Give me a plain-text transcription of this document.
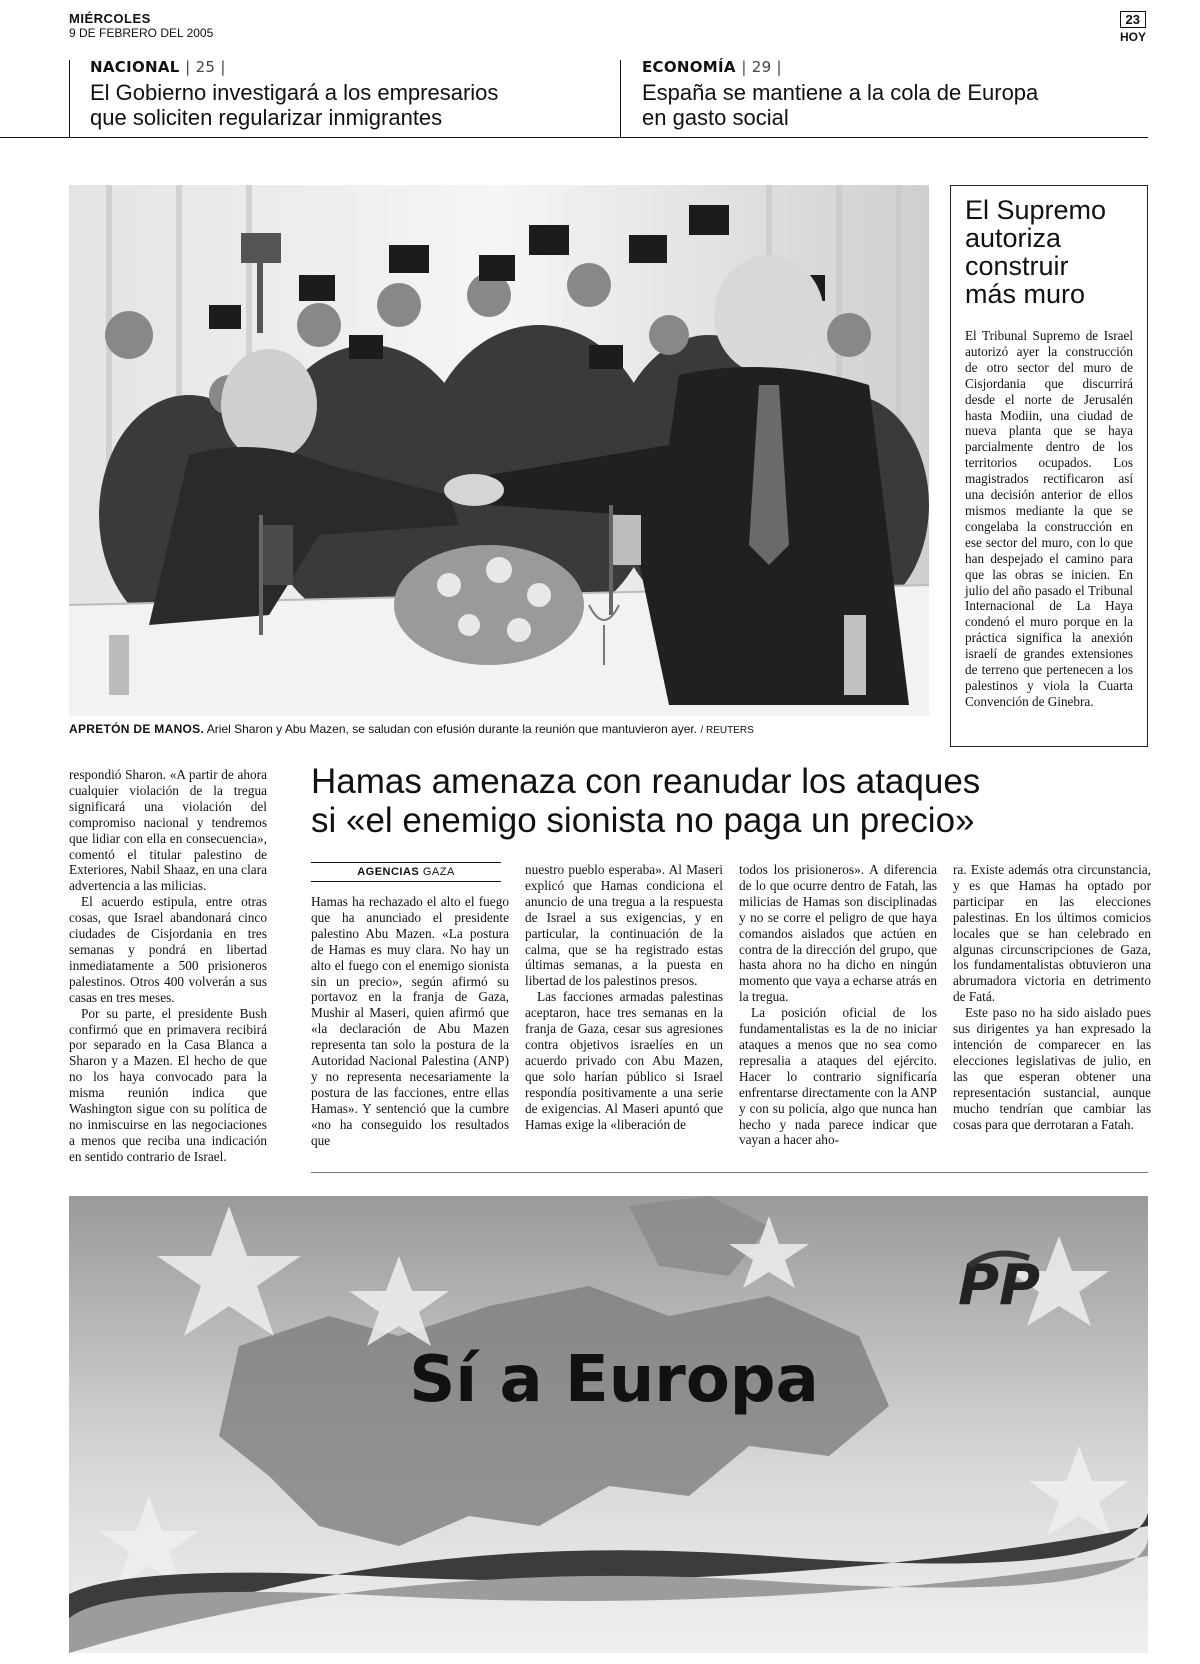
MIÉRCOLES
9 DE FEBRERO DEL 2005
23
HOY
NACIONAL | 25 |
El Gobierno investigará a los empresarios
que soliciten regularizar inmigrantes
ECONOMÍA | 29 |
España se mantiene a la cola de Europa
en gasto social
APRETÓN DE MANOS. Ariel Sharon y Abu Mazen, se saludan con efusión durante la reunión que mantuvieron ayer. / REUTERS
El Supremo
autoriza
construir
más muro
El Tribunal Supremo de Israel autorizó ayer la construcción de otro sector del muro de Cisjordania que discurrirá desde el norte de Jerusalén hasta Modiin, una ciudad de nueva planta que se haya parcialmente dentro de los territorios ocupados. Los magistrados rectificaron así una decisión anterior de ellos mismos mediante la que se congelaba la construcción en ese sector del muro, con lo que han despejado el camino para que las obras se inicien. En julio del año pasado el Tribunal Internacional de La Haya condenó el muro porque en la práctica significa la anexión israelí de grandes extensiones de terreno que pertenecen a los palestinos y viola la Cuarta Convención de Ginebra.

respondió Sharon. «A partir de ahora cualquier violación de la tregua significará una violación del compromiso nacional y tendremos que lidiar con ella en consecuencia», comentó el titular palestino de Exteriores, Nabil Shaaz, en una clara advertencia a las milicias.

El acuerdo estipula, entre otras cosas, que Israel abandonará cinco ciudades de Cisjordania en tres semanas y pondrá en libertad inmediatamente a 500 prisioneros palestinos. Otros 400 volverán a sus casas en tres meses.

Por su parte, el presidente Bush confirmó que en primavera recibirá por separado en la Casa Blanca a Sharon y a Mazen. El hecho de que no los haya convocado para la misma reunión indica que Washington sigue con su política de no inmiscuirse en las negociaciones a menos que reciba una indicación en sentido contrario de Israel.

Hamas amenaza con reanudar los ataques
si «el enemigo sionista no paga un precio»
AGENCIAS GAZA

Hamas ha rechazado el alto el fuego que ha anunciado el presidente palestino Abu Mazen. «La postura de Hamas es muy clara. No hay un alto el fuego con el enemigo sionista sin un precio», según afirmó su portavoz en la franja de Gaza, Mushir al Maseri, quien afirmó que «la declaración de Abu Mazen representa tan solo la postura de la Autoridad Nacional Palestina (ANP) y no representa necesariamente la postura de las facciones, entre ellas Hamas». Y sentenció que la cumbre «no ha conseguido los resultados que

nuestro pueblo esperaba». Al Maseri explicó que Hamas condiciona el anuncio de una tregua a la respuesta de Israel a sus exigencias, y en particular, la continuación de la calma, que se ha registrado estas últimas semanas, a la puesta en libertad de los palestinos presos.

Las facciones armadas palestinas aceptaron, hace tres semanas en la franja de Gaza, cesar sus agresiones contra objetivos israelíes en un acuerdo privado con Abu Mazen, que solo harían público si Israel respondía positivamente a una serie de exigencias. Al Maseri apuntó que Hamas exige la «liberación de

todos los prisioneros». A diferencia de lo que ocurre dentro de Fatah, las milicias de Hamas son disciplinadas y no se corre el peligro de que haya comandos aislados que actúen en contra de la dirección del grupo, que hasta ahora no ha dicho en ningún momento que vaya a echarse atrás en la tregua.

La posición oficial de los fundamentalistas es la de no iniciar ataques a menos que no sea como represalia a ataques del ejército. Hacer lo contrario significaría enfrentarse directamente con la ANP y con su policía, algo que nunca han hecho y nada parece indicar que vayan a hacer aho-

ra. Existe además otra circunstancia, y es que Hamas ha optado por participar en las elecciones palestinas. En los últimos comicios locales que se han celebrado en algunas circunscripciones de Gaza, los fundamentalistas obtuvieron una abrumadora victoria en detrimento de Fatá.

Este paso no ha sido aislado pues sus dirigentes ya han expresado la intención de comparecer en las elecciones legislativas de julio, en las que esperan obtener una representación sustancial, aunque mucho tendrían que cambiar las cosas para que derrotaran a Fatah.

Sí a Europa
PP
